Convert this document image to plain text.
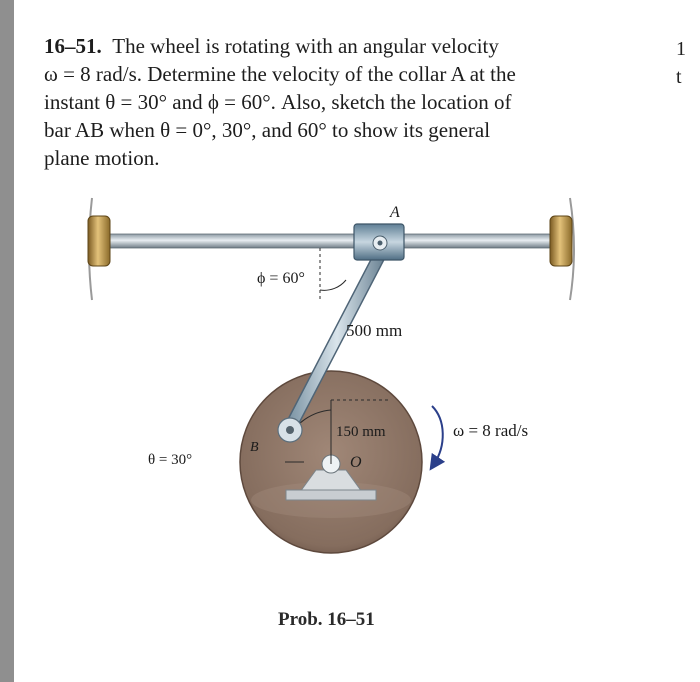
1
t
16–51. The wheel is rotating with an angular velocity
ω = 8 rad/s. Determine the velocity of the collar A at the
instant θ = 30° and ϕ = 60°. Also, sketch the location of
bar AB when θ = 0°, 30°, and 60° to show its general
plane motion.
A
B
O
ϕ = 60°
θ = 30°
500 mm
150 mm	ω = 8 rad/s
Prob. 16–51
